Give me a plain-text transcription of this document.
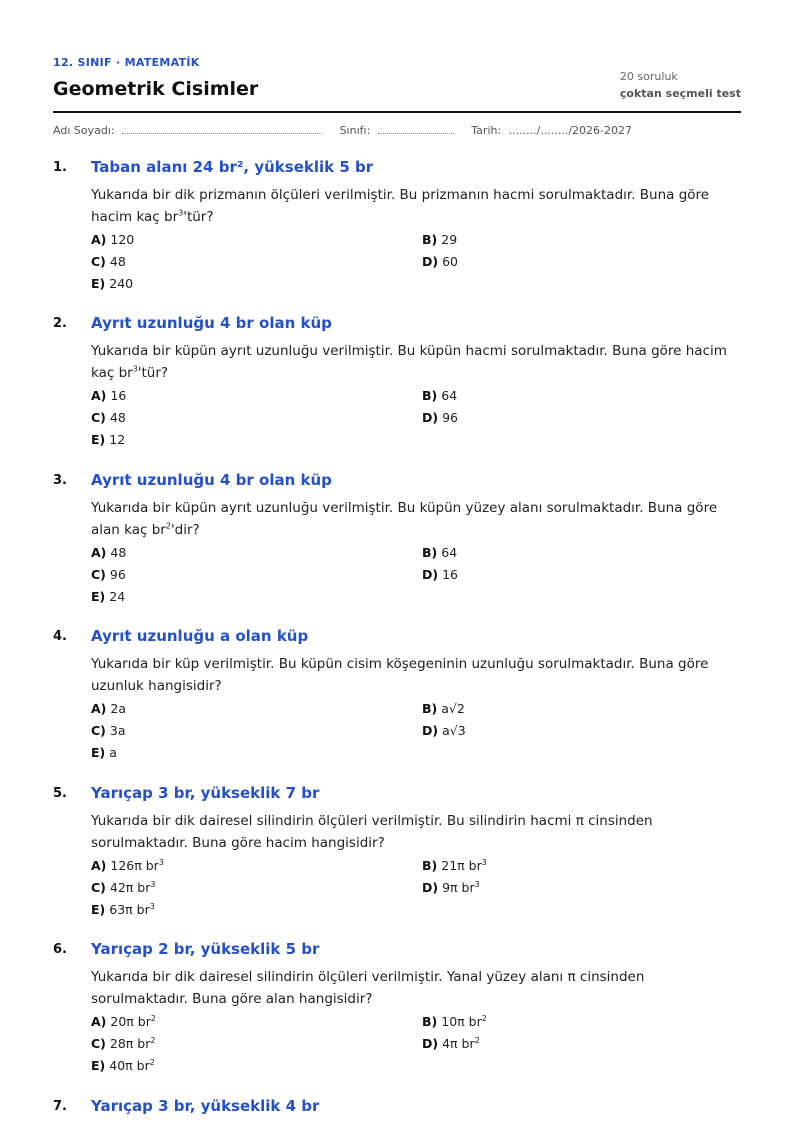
12. SINIF · MATEMATİK
Geometrik Cisimler
20 soruluk
çoktan seçmeli test
Adı Soyadı:	Sınıfı:	Tarih: ......../......../2026-2027
1. Taban alanı 24 br², yükseklik 5 br
Yukarıda bir dik prizmanın ölçüleri verilmiştir. Bu prizmanın hacmi sorulmaktadır. Buna göre hacim kaç $br^3'tür$?
A) 120	B) 29
C) 48	D) 60
E) 240
2. Ayrıt uzunluğu 4 br olan küp
Yukarıda bir küpün ayrıt uzunluğu verilmiştir. Bu küpün hacmi sorulmaktadır. Buna göre hacim kaç $br^3'tür$?
A) 16	B) 64
C) 48	D) 96
E) 12
3. Ayrıt uzunluğu 4 br olan küp
Yukarıda bir küpün ayrıt uzunluğu verilmiştir. Bu küpün yüzey alanı sorulmaktadır. Buna göre alan kaç $br^2'dir$?
A) 48	B) 64
C) 96	D) 16
E) 24
4. Ayrıt uzunluğu a olan küp
Yukarıda bir küp verilmiştir. Bu küpün cisim köşegeninin uzunluğu sorulmaktadır. Buna göre uzunluk hangisidir?
A) 2a	B) a√2
C) 3a	D) a√3
E) a
5. Yarıçap 3 br, yükseklik 7 br
Yukarıda bir dik dairesel silindirin ölçüleri verilmiştir. Bu silindirin hacmi π cinsinden sorulmaktadır. Buna göre hacim hangisidir?
A) 126π $br^3$	B) 21π $br^3$
C) 42π $br^3$	D) 9π $br^3$
E) 63π $br^3$
6. Yarıçap 2 br, yükseklik 5 br
Yukarıda bir dik dairesel silindirin ölçüleri verilmiştir. Yanal yüzey alanı π cinsinden sorulmaktadır. Buna göre alan hangisidir?
A) 20π $br^2$	B) 10π $br^2$
C) 28π $br^2$	D) 4π $br^2$
E) 40π $br^2$
7. Yarıçap 3 br, yükseklik 4 br
